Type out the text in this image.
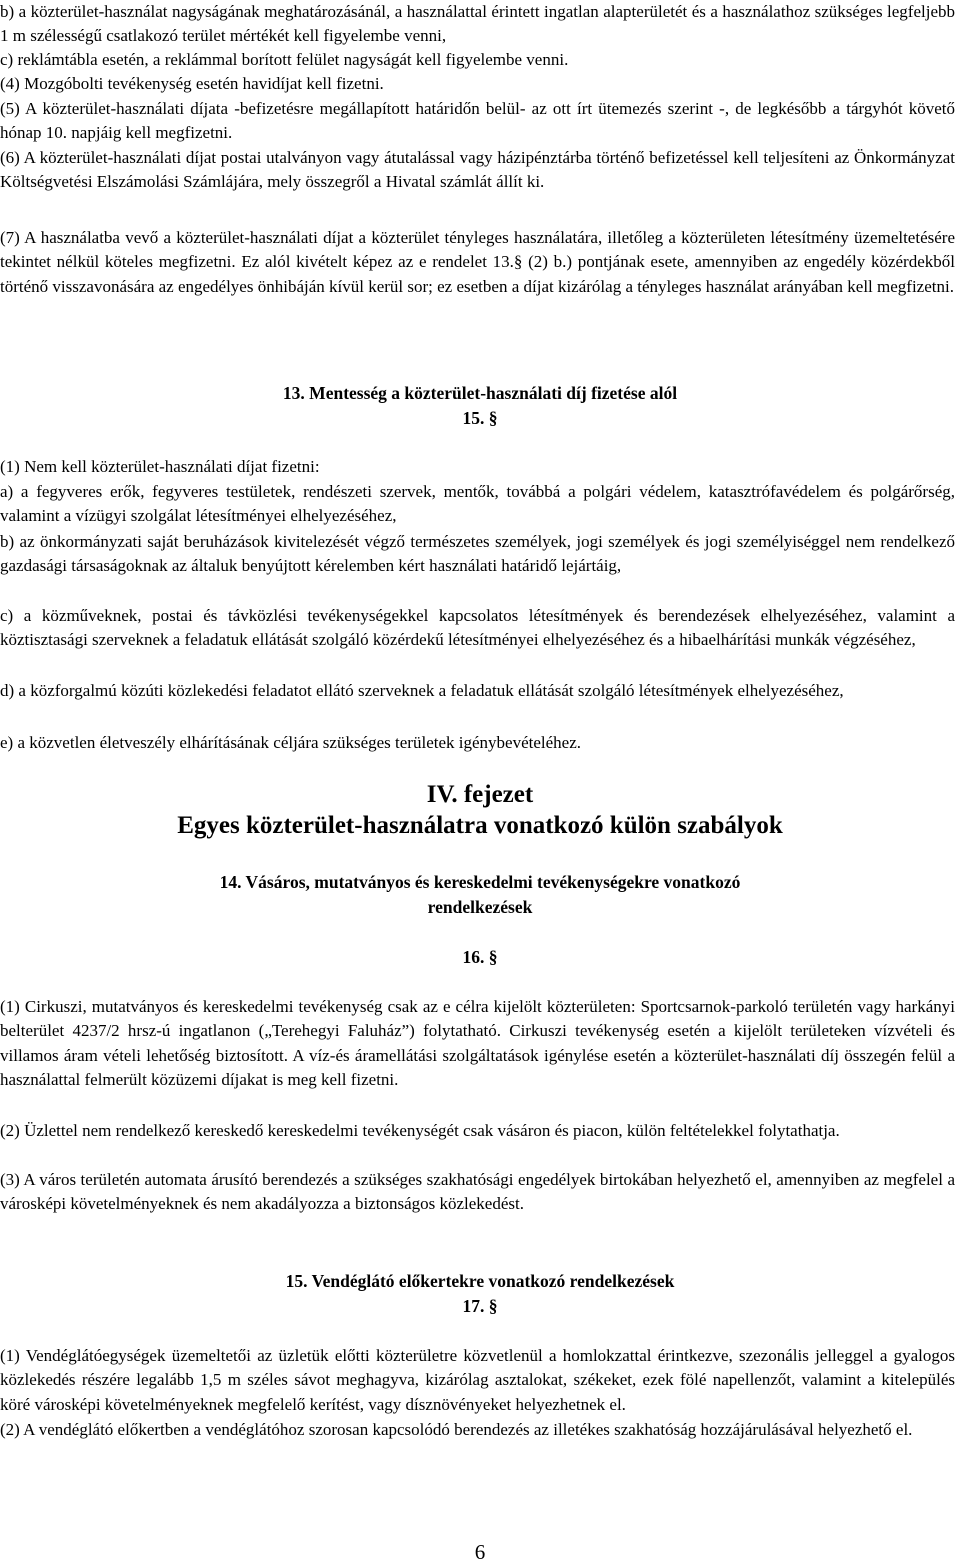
b) a közterület-használat nagyságának meghatározásánál, a használattal érintett ingatlan alapterületét és a használathoz szükséges legfeljebb 1 m szélességű csatlakozó terület mértékét kell figyelembe venni,

c) reklámtábla esetén, a reklámmal borított felület nagyságát kell figyelembe venni.

(4) Mozgóbolti tevékenység esetén havidíjat kell fizetni.

(5) A közterület-használati díjata -befizetésre megállapított határidőn belül- az ott írt ütemezés szerint -, de legkésőbb a tárgyhót követő hónap 10. napjáig kell megfizetni.

(6) A közterület-használati díjat postai utalványon vagy átutalással vagy házipénztárba történő befizetéssel kell teljesíteni az Önkormányzat Költségvetési Elszámolási Számlájára, mely összegről a Hivatal számlát állít ki.

(7) A használatba vevő a közterület-használati díjat a közterület tényleges használatára, illetőleg a közterületen létesítmény üzemeltetésére tekintet nélkül köteles megfizetni. Ez alól kivételt képez az e rendelet 13.§ (2) b.) pontjának esete, amennyiben az engedély közérdekből történő visszavonására az engedélyes önhibáján kívül kerül sor; ez esetben a díjat kizárólag a tényleges használat arányában kell megfizetni.

13. Mentesség a közterület-használati díj fizetése alól
15. §

(1) Nem kell közterület-használati díjat fizetni:

a) a fegyveres erők, fegyveres testületek, rendészeti szervek, mentők, továbbá a polgári védelem, katasztrófavédelem és polgárőrség, valamint a vízügyi szolgálat létesítményei elhelyezéséhez,

b) az önkormányzati saját beruházások kivitelezését végző természetes személyek, jogi személyek és jogi személyiséggel nem rendelkező gazdasági társaságoknak az általuk benyújtott kérelemben kért használati határidő lejártáig,

c) a közműveknek, postai és távközlési tevékenységekkel kapcsolatos létesítmények és berendezések elhelyezéséhez, valamint a köztisztasági szerveknek a feladatuk ellátását szolgáló közérdekű létesítményei elhelyezéséhez és a hibaelhárítási munkák végzéséhez,

d) a közforgalmú közúti közlekedési feladatot ellátó szerveknek a feladatuk ellátását szolgáló létesítmények elhelyezéséhez,

e) a közvetlen életveszély elhárításának céljára szükséges területek igénybevételéhez.

IV. fejezet
Egyes közterület-használatra vonatkozó külön szabályok
14. Vásáros, mutatványos és kereskedelmi tevékenységekre vonatkozó
rendelkezések
16. §

(1) Cirkuszi, mutatványos és kereskedelmi tevékenység csak az e célra kijelölt közterületen: Sportcsarnok-parkoló területén vagy harkányi belterület 4237/2 hrsz-ú ingatlanon („Terehegyi Faluház”) folytatható. Cirkuszi tevékenység esetén a kijelölt területeken vízvételi és villamos áram vételi lehetőség biztosított. A víz-és áramellátási szolgáltatások igénylése esetén a közterület-használati díj összegén felül a használattal felmerült közüzemi díjakat is meg kell fizetni.

(2) Üzlettel nem rendelkező kereskedő kereskedelmi tevékenységét csak vásáron és piacon, külön feltételekkel folytathatja.

(3) A város területén automata árusító berendezés a szükséges szakhatósági engedélyek birtokában helyezhető el, amennyiben az megfelel a városképi követelményeknek és nem akadályozza a biztonságos közlekedést.

15. Vendéglátó előkertekre vonatkozó rendelkezések
17. §

(1) Vendéglátóegységek üzemeltetői az üzletük előtti közterületre közvetlenül a homlokzattal érintkezve, szezonális jelleggel a gyalogos közlekedés részére legalább 1,5 m széles sávot meghagyva, kizárólag asztalokat, székeket, ezek fölé napellenzőt, valamint a kitelepülés köré városképi követelményeknek megfelelő kerítést, vagy dísznövényeket helyezhetnek el.

(2) A vendéglátó előkertben a vendéglátóhoz szorosan kapcsolódó berendezés az illetékes szakhatóság hozzájárulásával helyezhető el.

6
